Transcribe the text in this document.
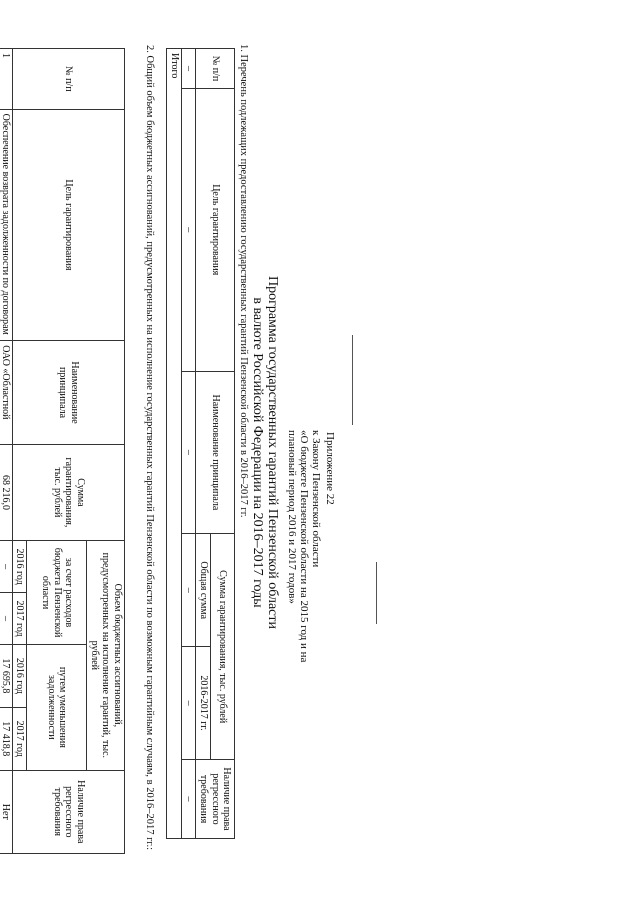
Приложение 22
к Закону Пензенской области
«О бюджете Пензенской области на 2015 год и на
плановый период 2016 и 2017 годов»
Программа государственных гарантий Пензенской области
в валюте Российской Федерации на 2016–2017 годы
1. Перечень подлежащих предоставлению государственных гарантий Пензенской области в 2016–2017 гг.
№ п/п	Цель гарантирования	Наименование принципала	Сумма гарантирования, тыс. рублей		Наличие права регрессного требования
			Общая сумма	2016-2017 гг.	
–	–	–	–	–	–
Итого					
2. Общий объем бюджетных ассигнований, предусмотренных на исполнение государственных гарантий Пензенской области по возможным гарантийным случаям, в 2016–2017 гг.:
№ п/п	Цель гарантирования	Наименование принципала	Сумма гарантирования, тыс. рублей	Объем бюджетных ассигнований, предусмотренных на исполнение гарантий, тыс. рублей				Наличие права регрессного требования
				за счет расходов бюджета Пензенской области		путем уменьшения задолженности		
				2016 год	2017 год	2016 год	2017 год	
1	Обеспечение возврата задолженности по договорам	ОАО «Областной	68 216,0	–	–	17 695,8	17 418,8	Нет
